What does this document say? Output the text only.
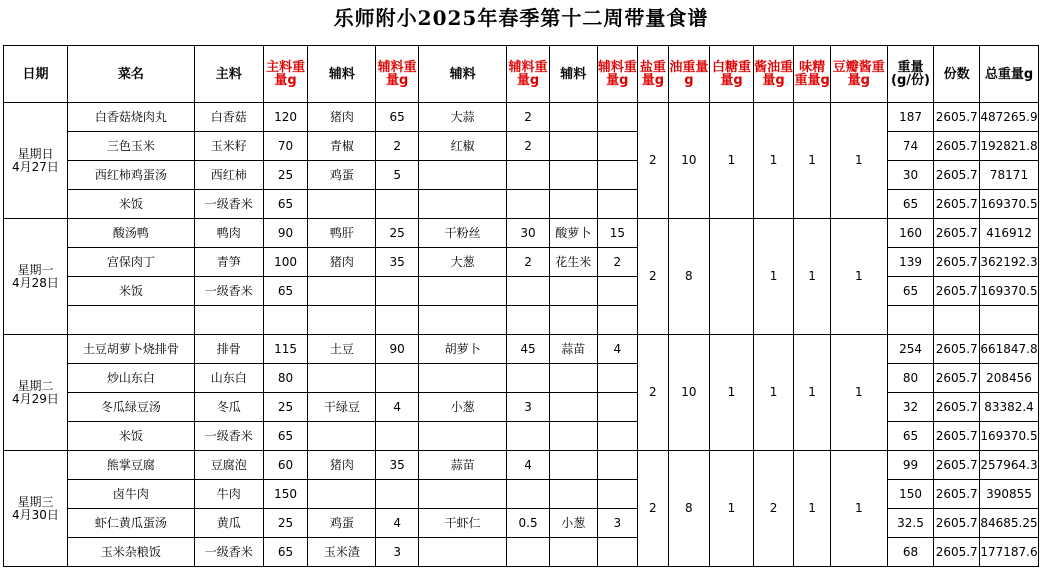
乐师附小2025年春季第十二周带量食谱
日期	菜名	主料	主料重量g	辅料	辅料重量g	辅料	辅料重量g	辅料	辅料重量g	盐重量g	油重量g	白糖重量g	酱油重量g	味精重量g	豆瓣酱重量g	重量(g/份)	份数	总重量g

星期日
4月27日	白香菇烧肉丸	白香菇	120	猪肉	65	大蒜	2			2	10	1	1	1	1	187	2605.7	487265.9
	三色玉米	玉米籽	70	青椒	2	红椒	2									74	2605.7	192821.8
	西红柿鸡蛋汤	西红柿	25	鸡蛋	5											30	2605.7	78171
	米饭	一级香米	65													65	2605.7	169370.5

星期一
4月28日	酸汤鸭	鸭肉	90	鸭肝	25	干粉丝	30	酸萝卜	15	2	8		1	1	1	160	2605.7	416912
	宫保肉丁	青笋	100	猪肉	35	大葱	2	花生米	2							139	2605.7	362192.3
	米饭	一级香米	65													65	2605.7	169370.5

星期二
4月29日	土豆胡萝卜烧排骨	排骨	115	土豆	90	胡萝卜	45	蒜苗	4	2	10	1	1	1	1	254	2605.7	661847.8
	炒山东白	山东白	80													80	2605.7	208456
	冬瓜绿豆汤	冬瓜	25	干绿豆	4	小葱	3									32	2605.7	83382.4
	米饭	一级香米	65													65	2605.7	169370.5

星期三
4月30日	熊掌豆腐	豆腐泡	60	猪肉	35	蒜苗	4			2	8	1	2	1	1	99	2605.7	257964.3
	卤牛肉	牛肉	150													150	2605.7	390855
	虾仁黄瓜蛋汤	黄瓜	25	鸡蛋	4	干虾仁	0.5	小葱	3							32.5	2605.7	84685.25
	玉米杂粮饭	一级香米	65	玉米渣	3											68	2605.7	177187.6
